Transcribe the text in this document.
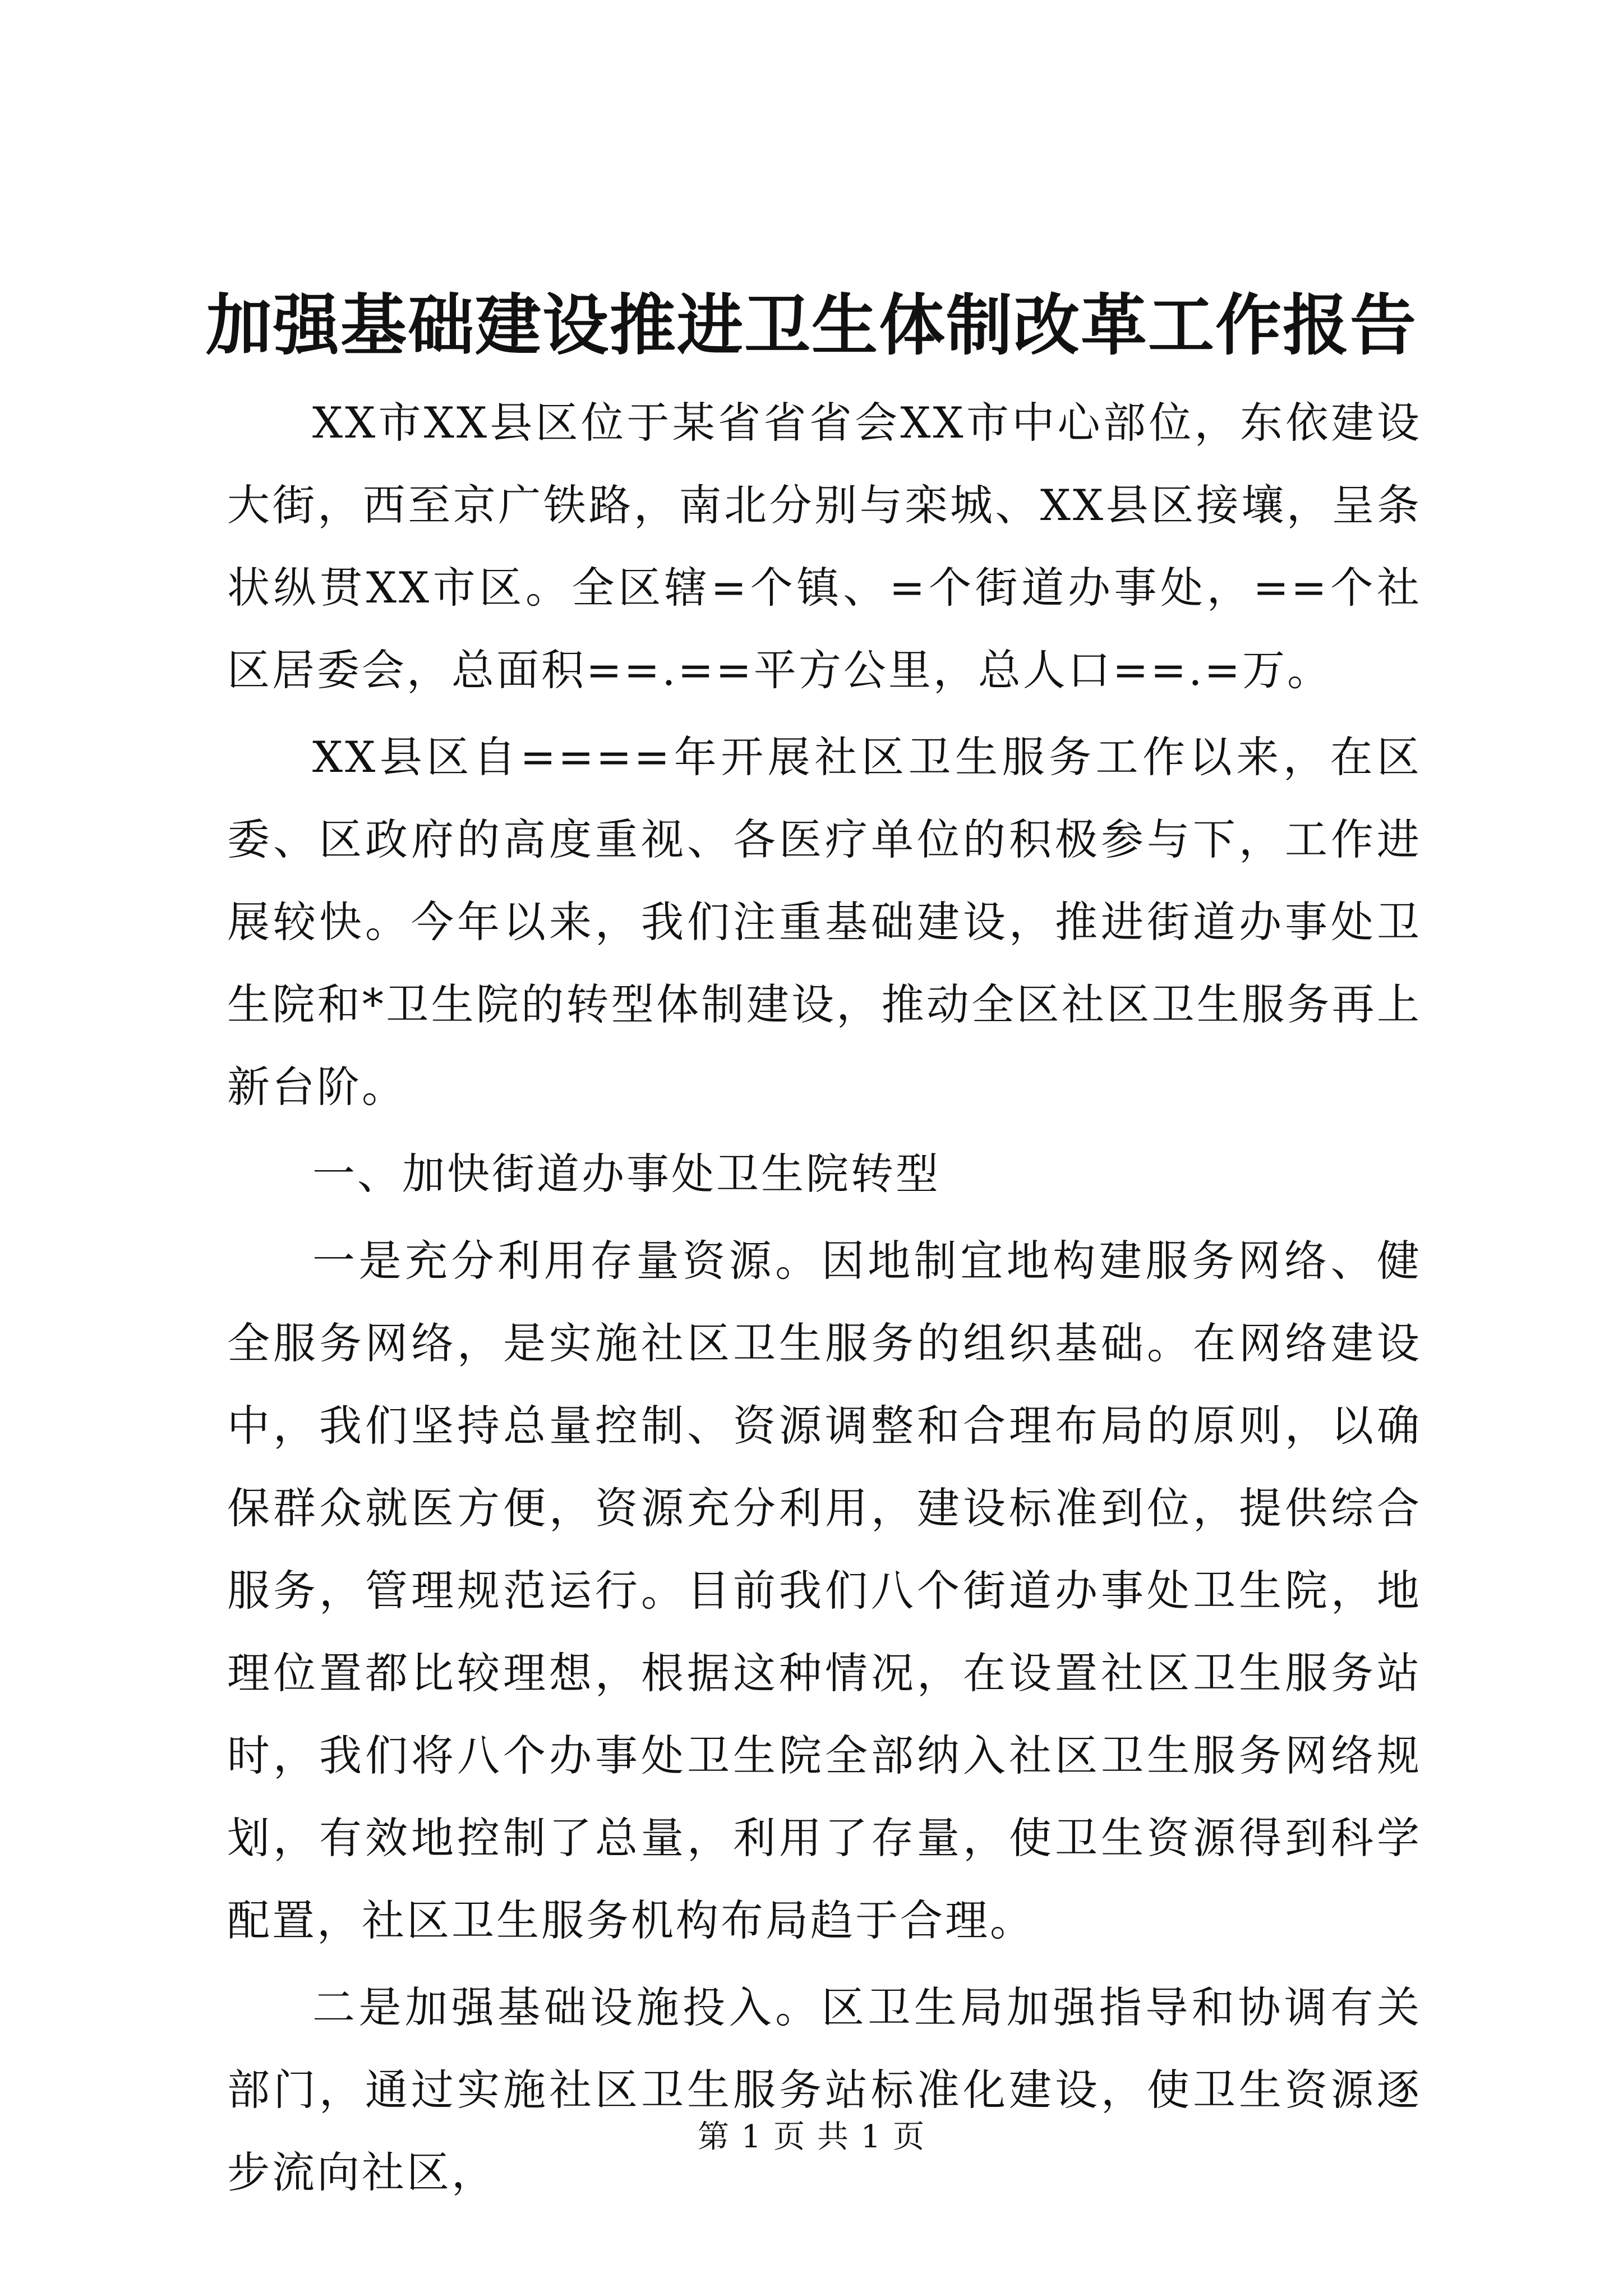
加强基础建设推进卫生体制改革工作报告

XX市XX县区位于某省省省会XX市中心部位，东依建设大街，西至京广铁路，南北分别与栾城、XX县区接壤，呈条状纵贯XX市区。全区辖=个镇、=个街道办事处，==个社区居委会，总面积==.==平方公里，总人口==.=万。

XX县区自====年开展社区卫生服务工作以来，在区委、区政府的高度重视、各医疗单位的积极参与下，工作进展较快。今年以来，我们注重基础建设，推进街道办事处卫生院和*卫生院的转型体制建设，推动全区社区卫生服务再上新台阶。

一、加快街道办事处卫生院转型

一是充分利用存量资源。因地制宜地构建服务网络、健全服务网络，是实施社区卫生服务的组织基础。在网络建设中，我们坚持总量控制、资源调整和合理布局的原则，以确保群众就医方便，资源充分利用，建设标准到位，提供综合服务，管理规范运行。目前我们八个街道办事处卫生院，地理位置都比较理想，根据这种情况，在设置社区卫生服务站时，我们将八个办事处卫生院全部纳入社区卫生服务网络规划，有效地控制了总量，利用了存量，使卫生资源得到科学配置，社区卫生服务机构布局趋于合理。

二是加强基础设施投入。区卫生局加强指导和协调有关部门，通过实施社区卫生服务站标准化建设，使卫生资源逐步流向社区，

第 1 页 共 1 页
